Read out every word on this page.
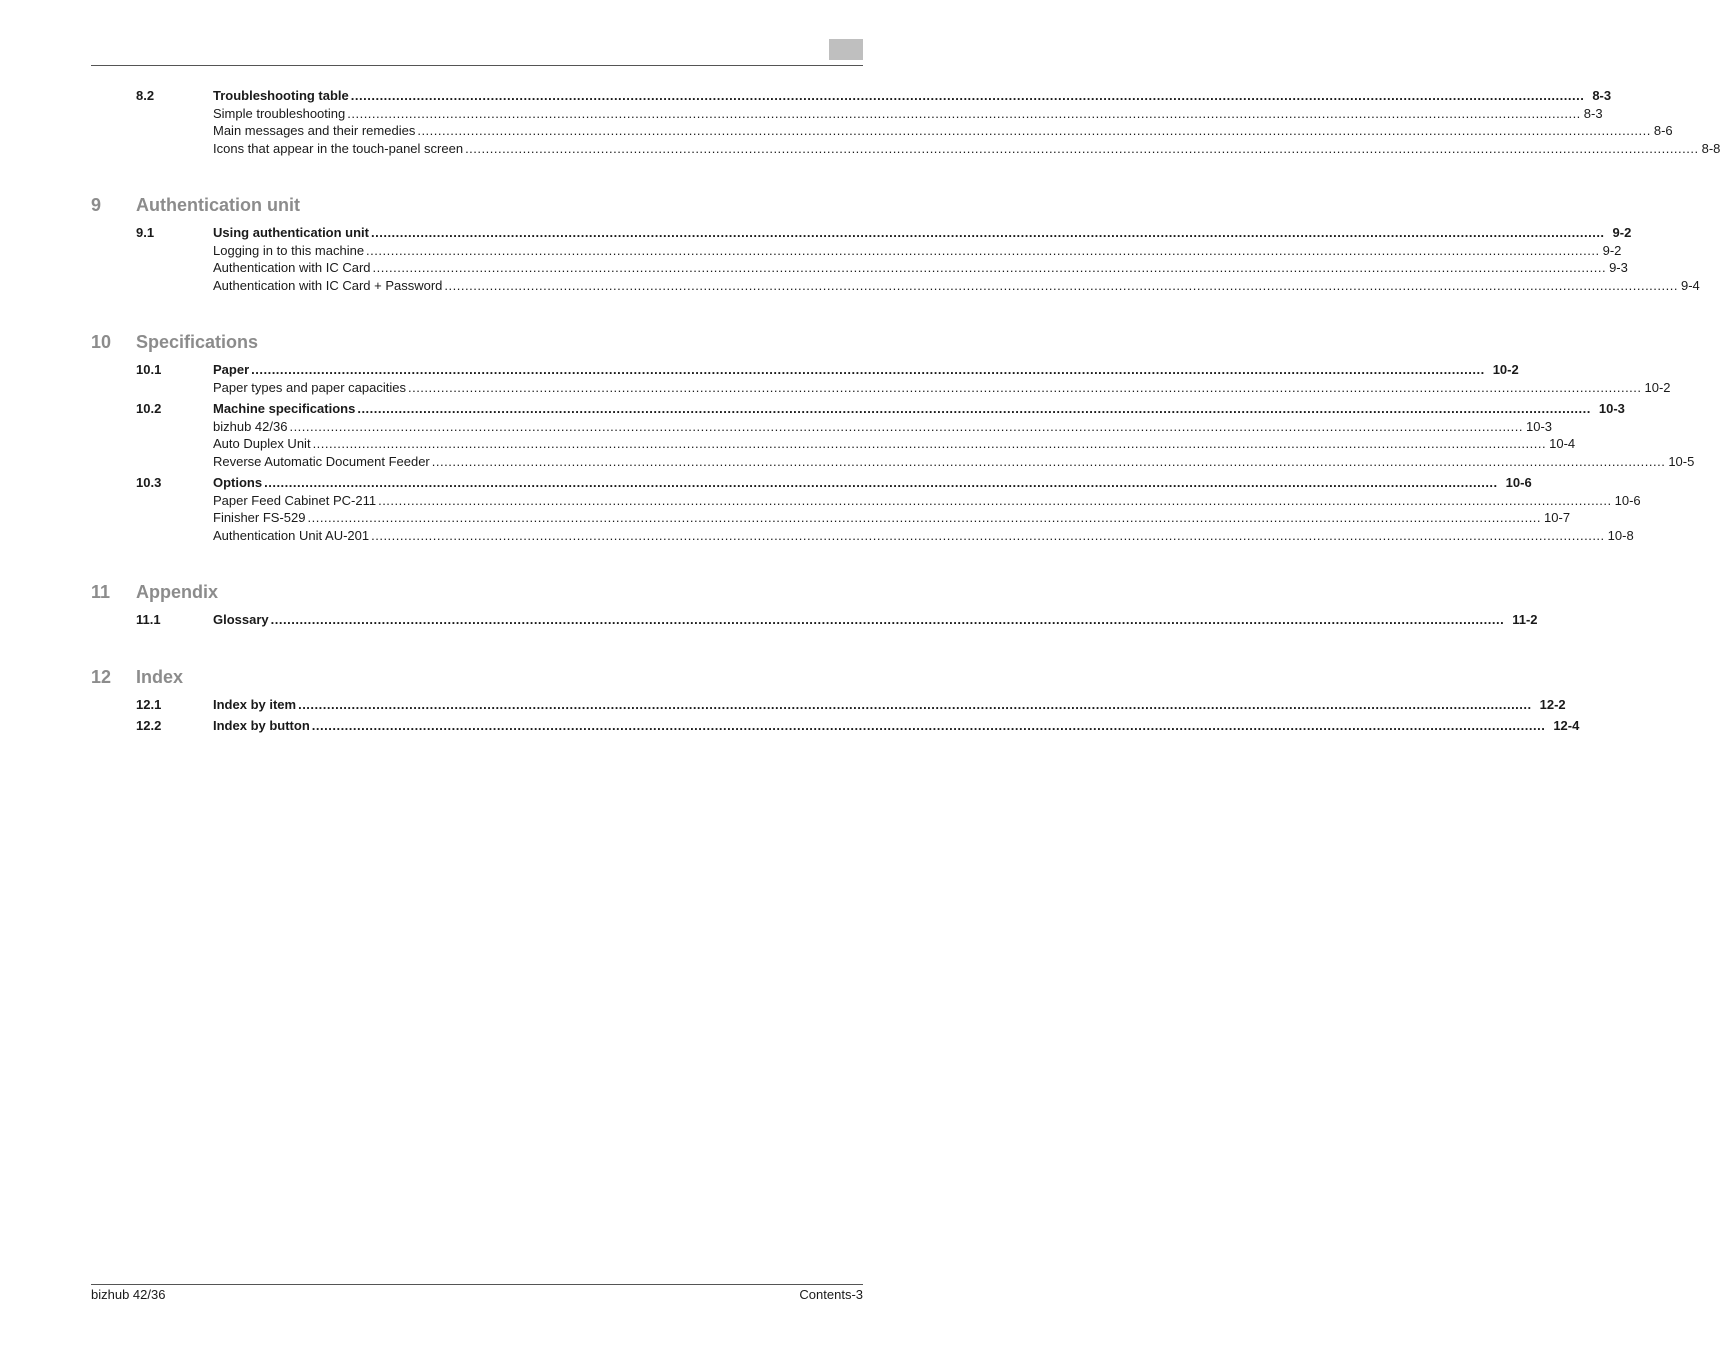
8.2	Troubleshooting table ............................................................................................................................................................................................................................................................................................................ 8-3
Simple troubleshooting ............................................................................................................................................................................................................................................................................................................ 8-3
Main messages and their remedies ............................................................................................................................................................................................................................................................................................................ 8-6
Icons that appear in the touch-panel screen ............................................................................................................................................................................................................................................................................................................ 8-8
9 Authentication unit
9.1	Using authentication unit ............................................................................................................................................................................................................................................................................................................ 9-2
Logging in to this machine ............................................................................................................................................................................................................................................................................................................ 9-2
Authentication with IC Card ............................................................................................................................................................................................................................................................................................................ 9-3
Authentication with IC Card + Password ............................................................................................................................................................................................................................................................................................................ 9-4
10 Specifications
10.1	Paper ............................................................................................................................................................................................................................................................................................................ 10-2
Paper types and paper capacities ............................................................................................................................................................................................................................................................................................................ 10-2
10.2	Machine specifications ............................................................................................................................................................................................................................................................................................................ 10-3
bizhub 42/36 ............................................................................................................................................................................................................................................................................................................ 10-3
Auto Duplex Unit ............................................................................................................................................................................................................................................................................................................ 10-4
Reverse Automatic Document Feeder ............................................................................................................................................................................................................................................................................................................ 10-5
10.3	Options ............................................................................................................................................................................................................................................................................................................ 10-6
Paper Feed Cabinet PC-211 ............................................................................................................................................................................................................................................................................................................ 10-6
Finisher FS-529 ............................................................................................................................................................................................................................................................................................................ 10-7
Authentication Unit AU-201 ............................................................................................................................................................................................................................................................................................................ 10-8
11 Appendix
11.1	Glossary ............................................................................................................................................................................................................................................................................................................ 11-2
12 Index
12.1	Index by item ............................................................................................................................................................................................................................................................................................................ 12-2
12.2	Index by button ............................................................................................................................................................................................................................................................................................................ 12-4
bizhub 42/36	Contents-3
